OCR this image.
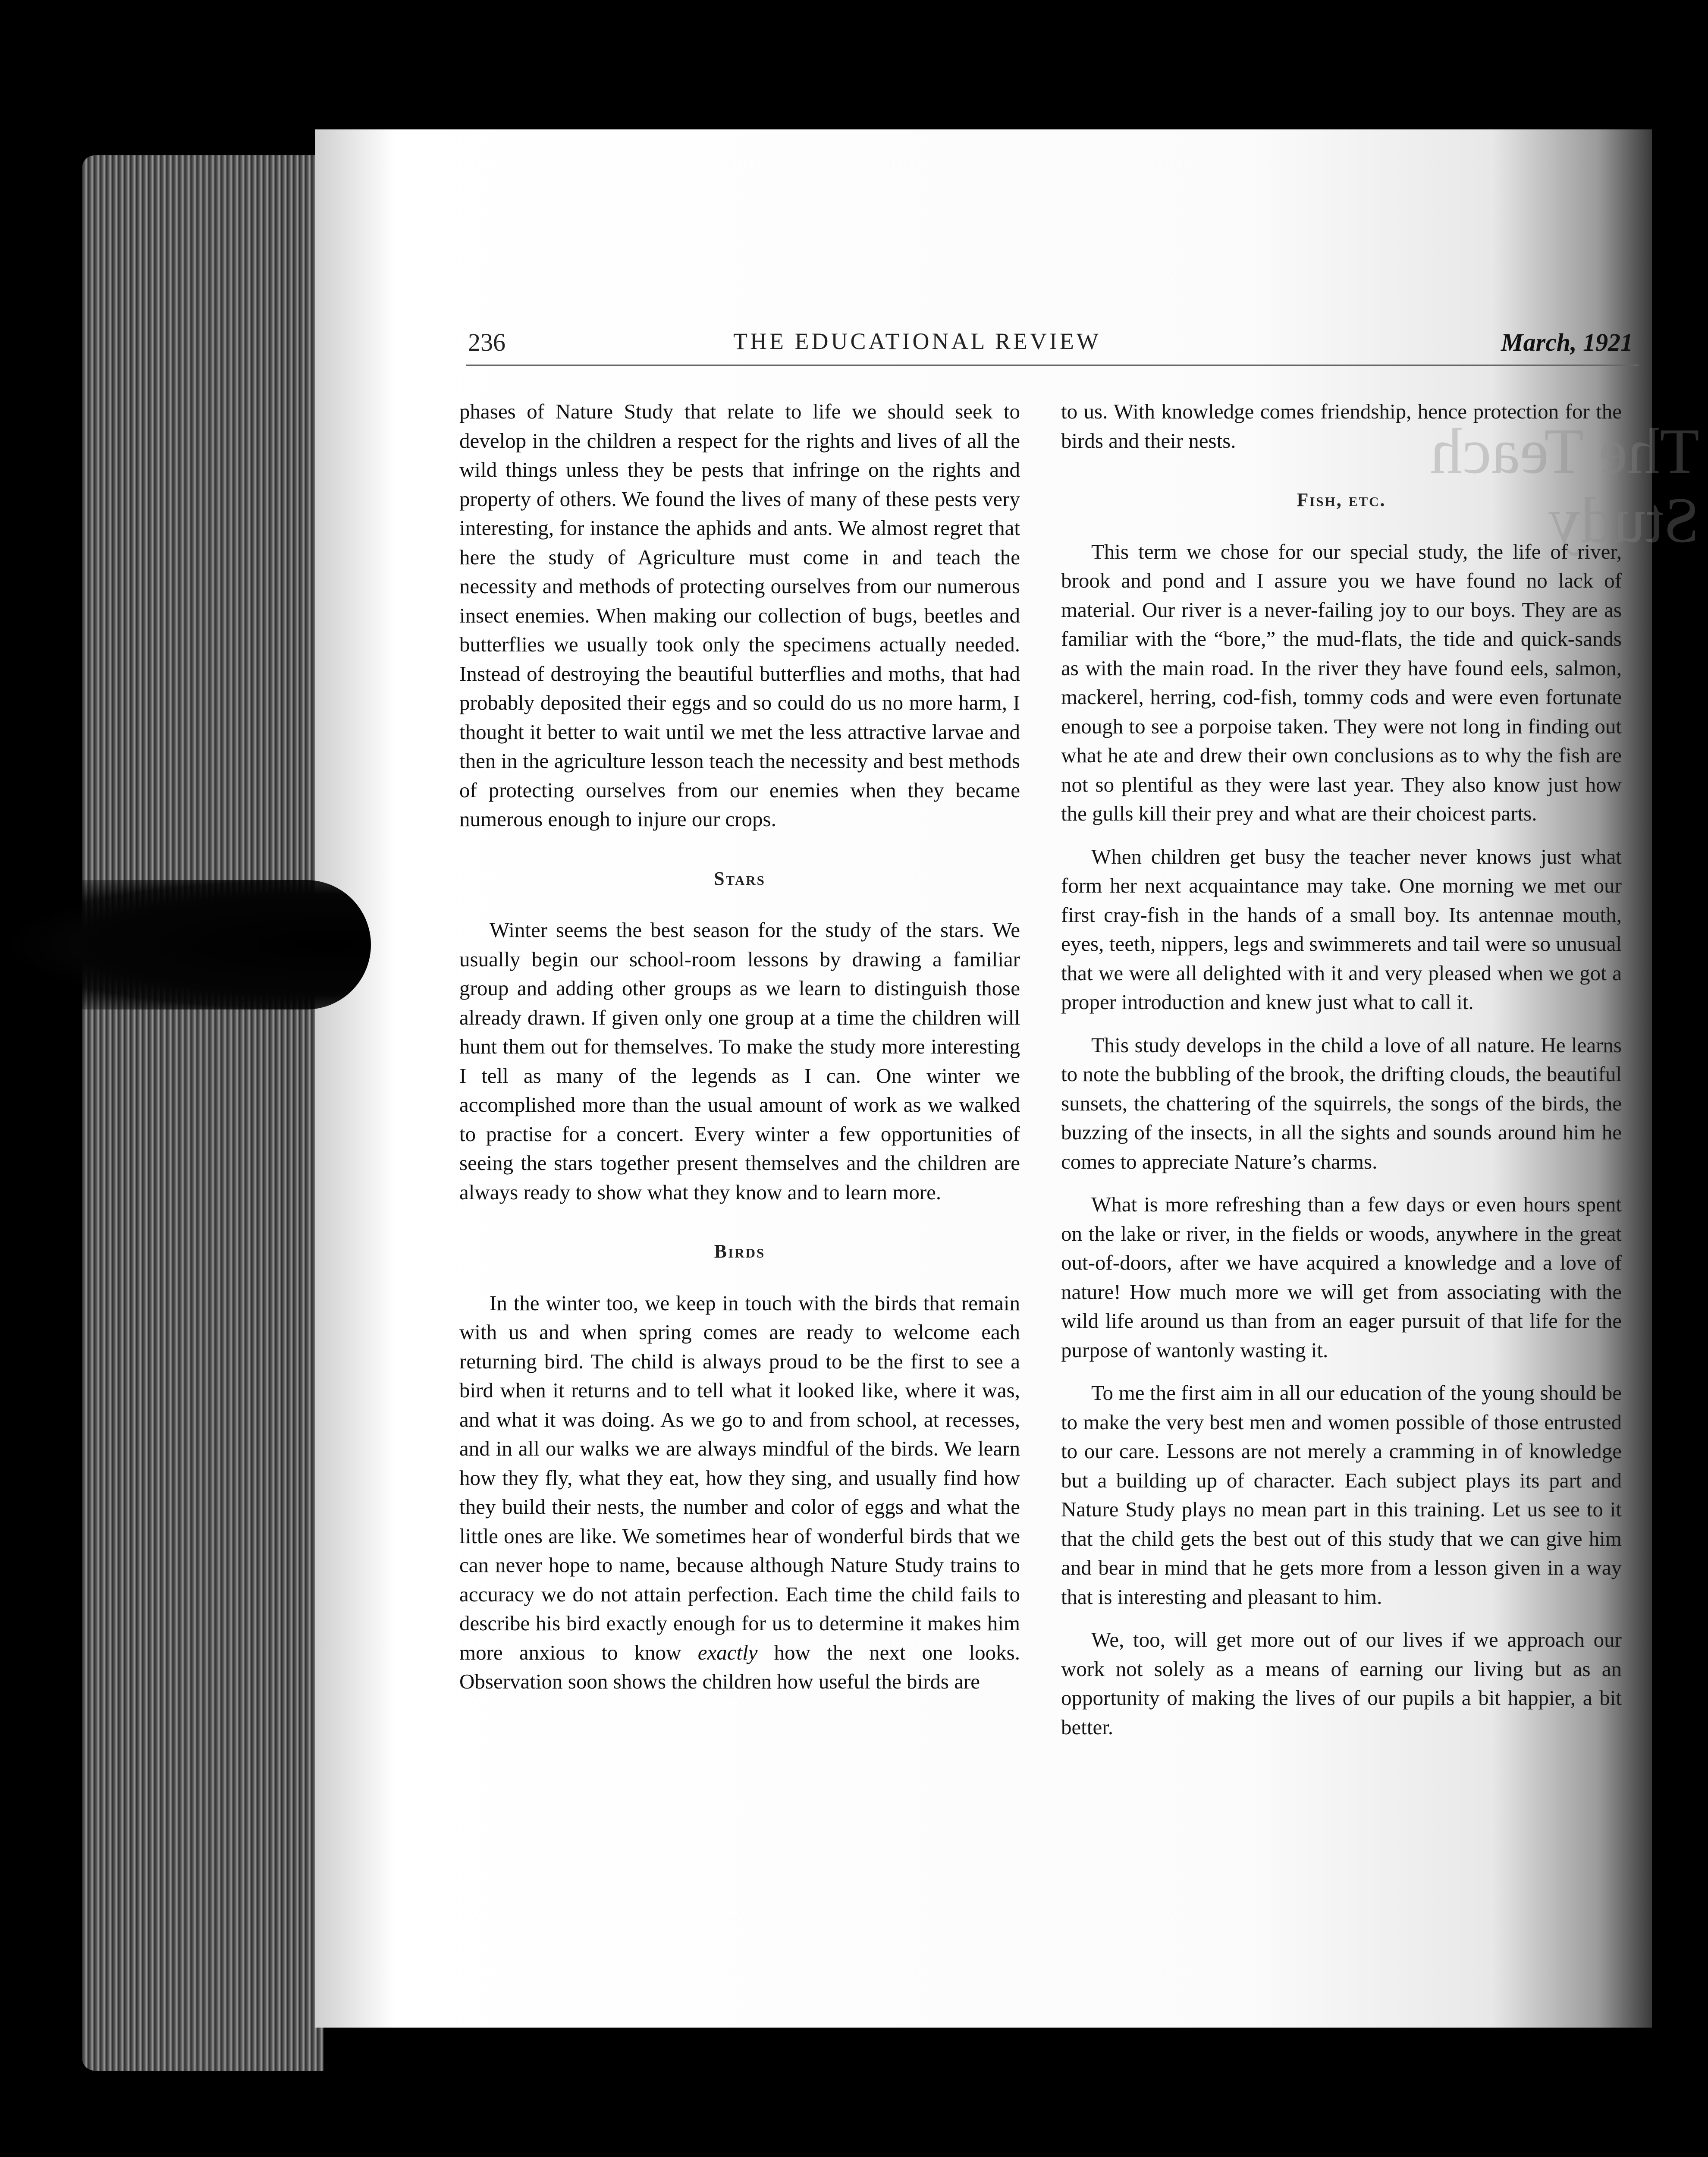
The Teach
Study
236	THE EDUCATIONAL REVIEW	March, 1921

phases of Nature Study that relate to life we should seek to develop in the children a respect for the rights and lives of all the wild things unless they be pests that infringe on the rights and property of others. We found the lives of many of these pests very interesting, for instance the aphids and ants. We almost regret that here the study of Agriculture must come in and teach the necessity and methods of protecting ourselves from our numerous insect enemies. When making our collection of bugs, beetles and butterflies we usually took only the specimens actually needed. Instead of destroying the beautiful butterflies and moths, that had probably deposited their eggs and so could do us no more harm, I thought it better to wait until we met the less attractive larvae and then in the agriculture lesson teach the necessity and best methods of protecting ourselves from our enemies when they became numerous enough to injure our crops.

Stars

Winter seems the best season for the study of the stars. We usually begin our school-room lessons by drawing a familiar group and adding other groups as we learn to distinguish those already drawn. If given only one group at a time the children will hunt them out for themselves. To make the study more interesting I tell as many of the legends as I can. One winter we accomplished more than the usual amount of work as we walked to practise for a concert. Every winter a few opportunities of seeing the stars together present themselves and the children are always ready to show what they know and to learn more.

Birds

In the winter too, we keep in touch with the birds that remain with us and when spring comes are ready to welcome each returning bird. The child is always proud to be the first to see a bird when it returns and to tell what it looked like, where it was, and what it was doing. As we go to and from school, at recesses, and in all our walks we are always mindful of the birds. We learn how they fly, what they eat, how they sing, and usually find how they build their nests, the number and color of eggs and what the little ones are like. We sometimes hear of wonderful birds that we can never hope to name, because although Nature Study trains to accuracy we do not attain perfection. Each time the child fails to describe his bird exactly enough for us to determine it makes him more anxious to know exactly how the next one looks. Observation soon shows the children how useful the birds are

to us. With knowledge comes friendship, hence protection for the birds and their nests.

Fish, etc.

This term we chose for our special study, the life of river, brook and pond and I assure you we have found no lack of material. Our river is a never-failing joy to our boys. They are as familiar with the “bore,” the mud-flats, the tide and quick-sands as with the main road. In the river they have found eels, salmon, mackerel, herring, cod-fish, tommy cods and were even fortunate enough to see a porpoise taken. They were not long in finding out what he ate and drew their own conclusions as to why the fish are not so plentiful as they were last year. They also know just how the gulls kill their prey and what are their choicest parts.

When children get busy the teacher never knows just what form her next acquaintance may take. One morning we met our first cray-fish in the hands of a small boy. Its antennae mouth, eyes, teeth, nippers, legs and swimmerets and tail were so unusual that we were all delighted with it and very pleased when we got a proper introduction and knew just what to call it.

This study develops in the child a love of all nature. He learns to note the bubbling of the brook, the drifting clouds, the beautiful sunsets, the chattering of the squirrels, the songs of the birds, the buzzing of the insects, in all the sights and sounds around him he comes to appreciate Nature’s charms.

What is more refreshing than a few days or even hours spent on the lake or river, in the fields or woods, anywhere in the great out-of-doors, after we have acquired a knowledge and a love of nature! How much more we will get from associating with the wild life around us than from an eager pursuit of that life for the purpose of wantonly wasting it.

To me the first aim in all our education of the young should be to make the very best men and women possible of those entrusted to our care. Lessons are not merely a cramming in of knowledge but a building up of character. Each subject plays its part and Nature Study plays no mean part in this training. Let us see to it that the child gets the best out of this study that we can give him and bear in mind that he gets more from a lesson given in a way that is interesting and pleasant to him.

We, too, will get more out of our lives if we approach our work not solely as a means of earning our living but as an opportunity of making the lives of our pupils a bit happier, a bit better.
